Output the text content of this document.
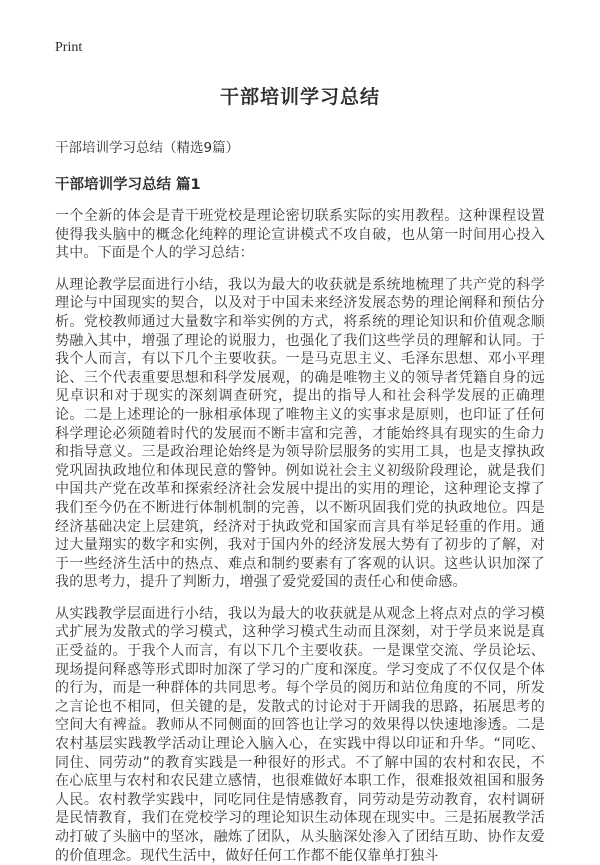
Print
干部培训学习总结

干部培训学习总结（精选9篇）

干部培训学习总结 篇1

一个全新的体会是青干班党校是理论密切联系实际的实用教程。这种课程设置使得我头脑中的概念化纯粹的理论宣讲模式不攻自破，也从第一时间用心投入其中。下面是个人的学习总结：

从理论教学层面进行小结，我以为最大的收获就是系统地梳理了共产党的科学理论与中国现实的契合，以及对于中国未来经济发展态势的理论阐释和预估分析。党校教师通过大量数字和举实例的方式，将系统的理论知识和价值观念顺势融入其中，增强了理论的说服力，也强化了我们这些学员的理解和认同。于我个人而言，有以下几个主要收获。一是马克思主义、毛泽东思想、邓小平理论、三个代表重要思想和科学发展观，的确是唯物主义的领导者凭籍自身的远见卓识和对于现实的深刻调查研究，提出的指导人和社会科学发展的正确理论。二是上述理论的一脉相承体现了唯物主义的实事求是原则，也印证了任何科学理论必须随着时代的发展而不断丰富和完善，才能始终具有现实的生命力和指导意义。三是政治理论始终是为领导阶层服务的实用工具，也是支撑执政党巩固执政地位和体现民意的警钟。例如说社会主义初级阶段理论，就是我们中国共产党在改革和探索经济社会发展中提出的实用的理论，这种理论支撑了我们至今仍在不断进行体制机制的完善，以不断巩固我们党的执政地位。四是经济基础决定上层建筑，经济对于执政党和国家而言具有举足轻重的作用。通过大量翔实的数字和实例，我对于国内外的经济发展大势有了初步的了解，对于一些经济生活中的热点、难点和制约要素有了客观的认识。这些认识加深了我的思考力，提升了判断力，增强了爱党爱国的责任心和使命感。

从实践教学层面进行小结，我以为最大的收获就是从观念上将点对点的学习模式扩展为发散式的学习模式，这种学习模式生动而且深刻，对于学员来说是真正受益的。于我个人而言，有以下几个主要收获。一是课堂交流、学员论坛、现场提问释惑等形式即时加深了学习的广度和深度。学习变成了不仅仅是个体的行为，而是一种群体的共同思考。每个学员的阅历和站位角度的不同，所发之言论也不相同，但关键的是，发散式的讨论对于开阔我的思路，拓展思考的空间大有裨益。教师从不同侧面的回答也让学习的效果得以快速地渗透。二是农村基层实践教学活动让理论入脑入心，在实践中得以印证和升华。“同吃、同住、同劳动”的教育实践是一种很好的形式。不了解中国的农村和农民，不在心底里与农村和农民建立感情，也很难做好本职工作，很难报效祖国和服务人民。农村教学实践中，同吃同住是情感教育，同劳动是劳动教育，农村调研是民情教育，我们在党校学习的理论知识生动体现在现实中。三是拓展教学活动打破了头脑中的坚冰，融炼了团队，从头脑深处渗入了团结互助、协作友爱的价值理念。现代生活中，做好任何工作都不能仅靠单打独斗
